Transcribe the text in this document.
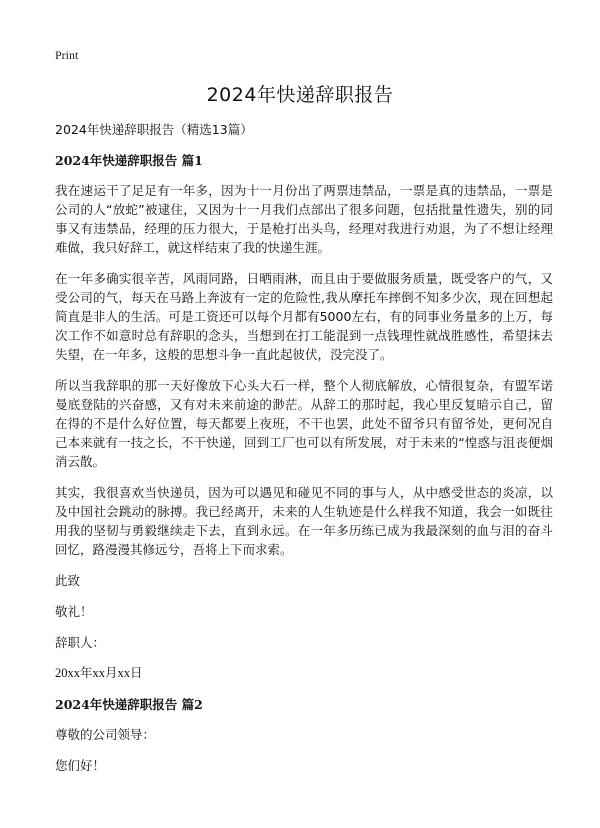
Print
2024年快递辞职报告

2024年快递辞职报告（精选13篇）

2024年快递辞职报告 篇1

我在速运干了足足有一年多，因为十一月份出了两票违禁品，一票是真的违禁品，一票是公司的人“放蛇”被逮住，又因为十一月我们点部出了很多问题，包括批量性遗失，别的同事又有违禁品，经理的压力很大，于是枪打出头鸟，经理对我进行劝退，为了不想让经理难做，我只好辞工，就这样结束了我的快递生涯。

在一年多确实很辛苦，风雨同路，日晒雨淋，而且由于要做服务质量，既受客户的气，又受公司的气，每天在马路上奔波有一定的危险性,我从摩托车摔倒不知多少次，现在回想起简直是非人的生活。可是工资还可以每个月都有5000左右，有的同事业务量多的上万，每次工作不如意时总有辞职的念头，当想到在打工能混到一点钱理性就战胜感性，希望抹去失望，在一年多，这般的思想斗争一直此起彼伏，没完没了。

所以当我辞职的那一天好像放下心头大石一样，整个人彻底解放，心情很复杂，有盟军诺曼底登陆的兴奋感，又有对未来前途的渺茫。从辞工的那时起，我心里反复暗示自己，留在得的不是什么好位置，每天都要上夜班，不干也罢，此处不留爷只有留爷处，更何况自己本来就有一技之长，不干快递，回到工厂也可以有所发展，对于未来的“惶惑与沮丧便烟消云散。

其实，我很喜欢当快递员，因为可以遇见和碰见不同的事与人，从中感受世态的炎凉，以及中国社会跳动的脉搏。我已经离开，未来的人生轨迹是什么样我不知道，我会一如既往用我的坚韧与勇毅继续走下去，直到永远。在一年多历练已成为我最深刻的血与泪的奋斗回忆，路漫漫其修远兮，吾将上下而求索。

此致

敬礼！

辞职人：

20xx年xx月xx日

2024年快递辞职报告 篇2

尊敬的公司领导：

您们好！
